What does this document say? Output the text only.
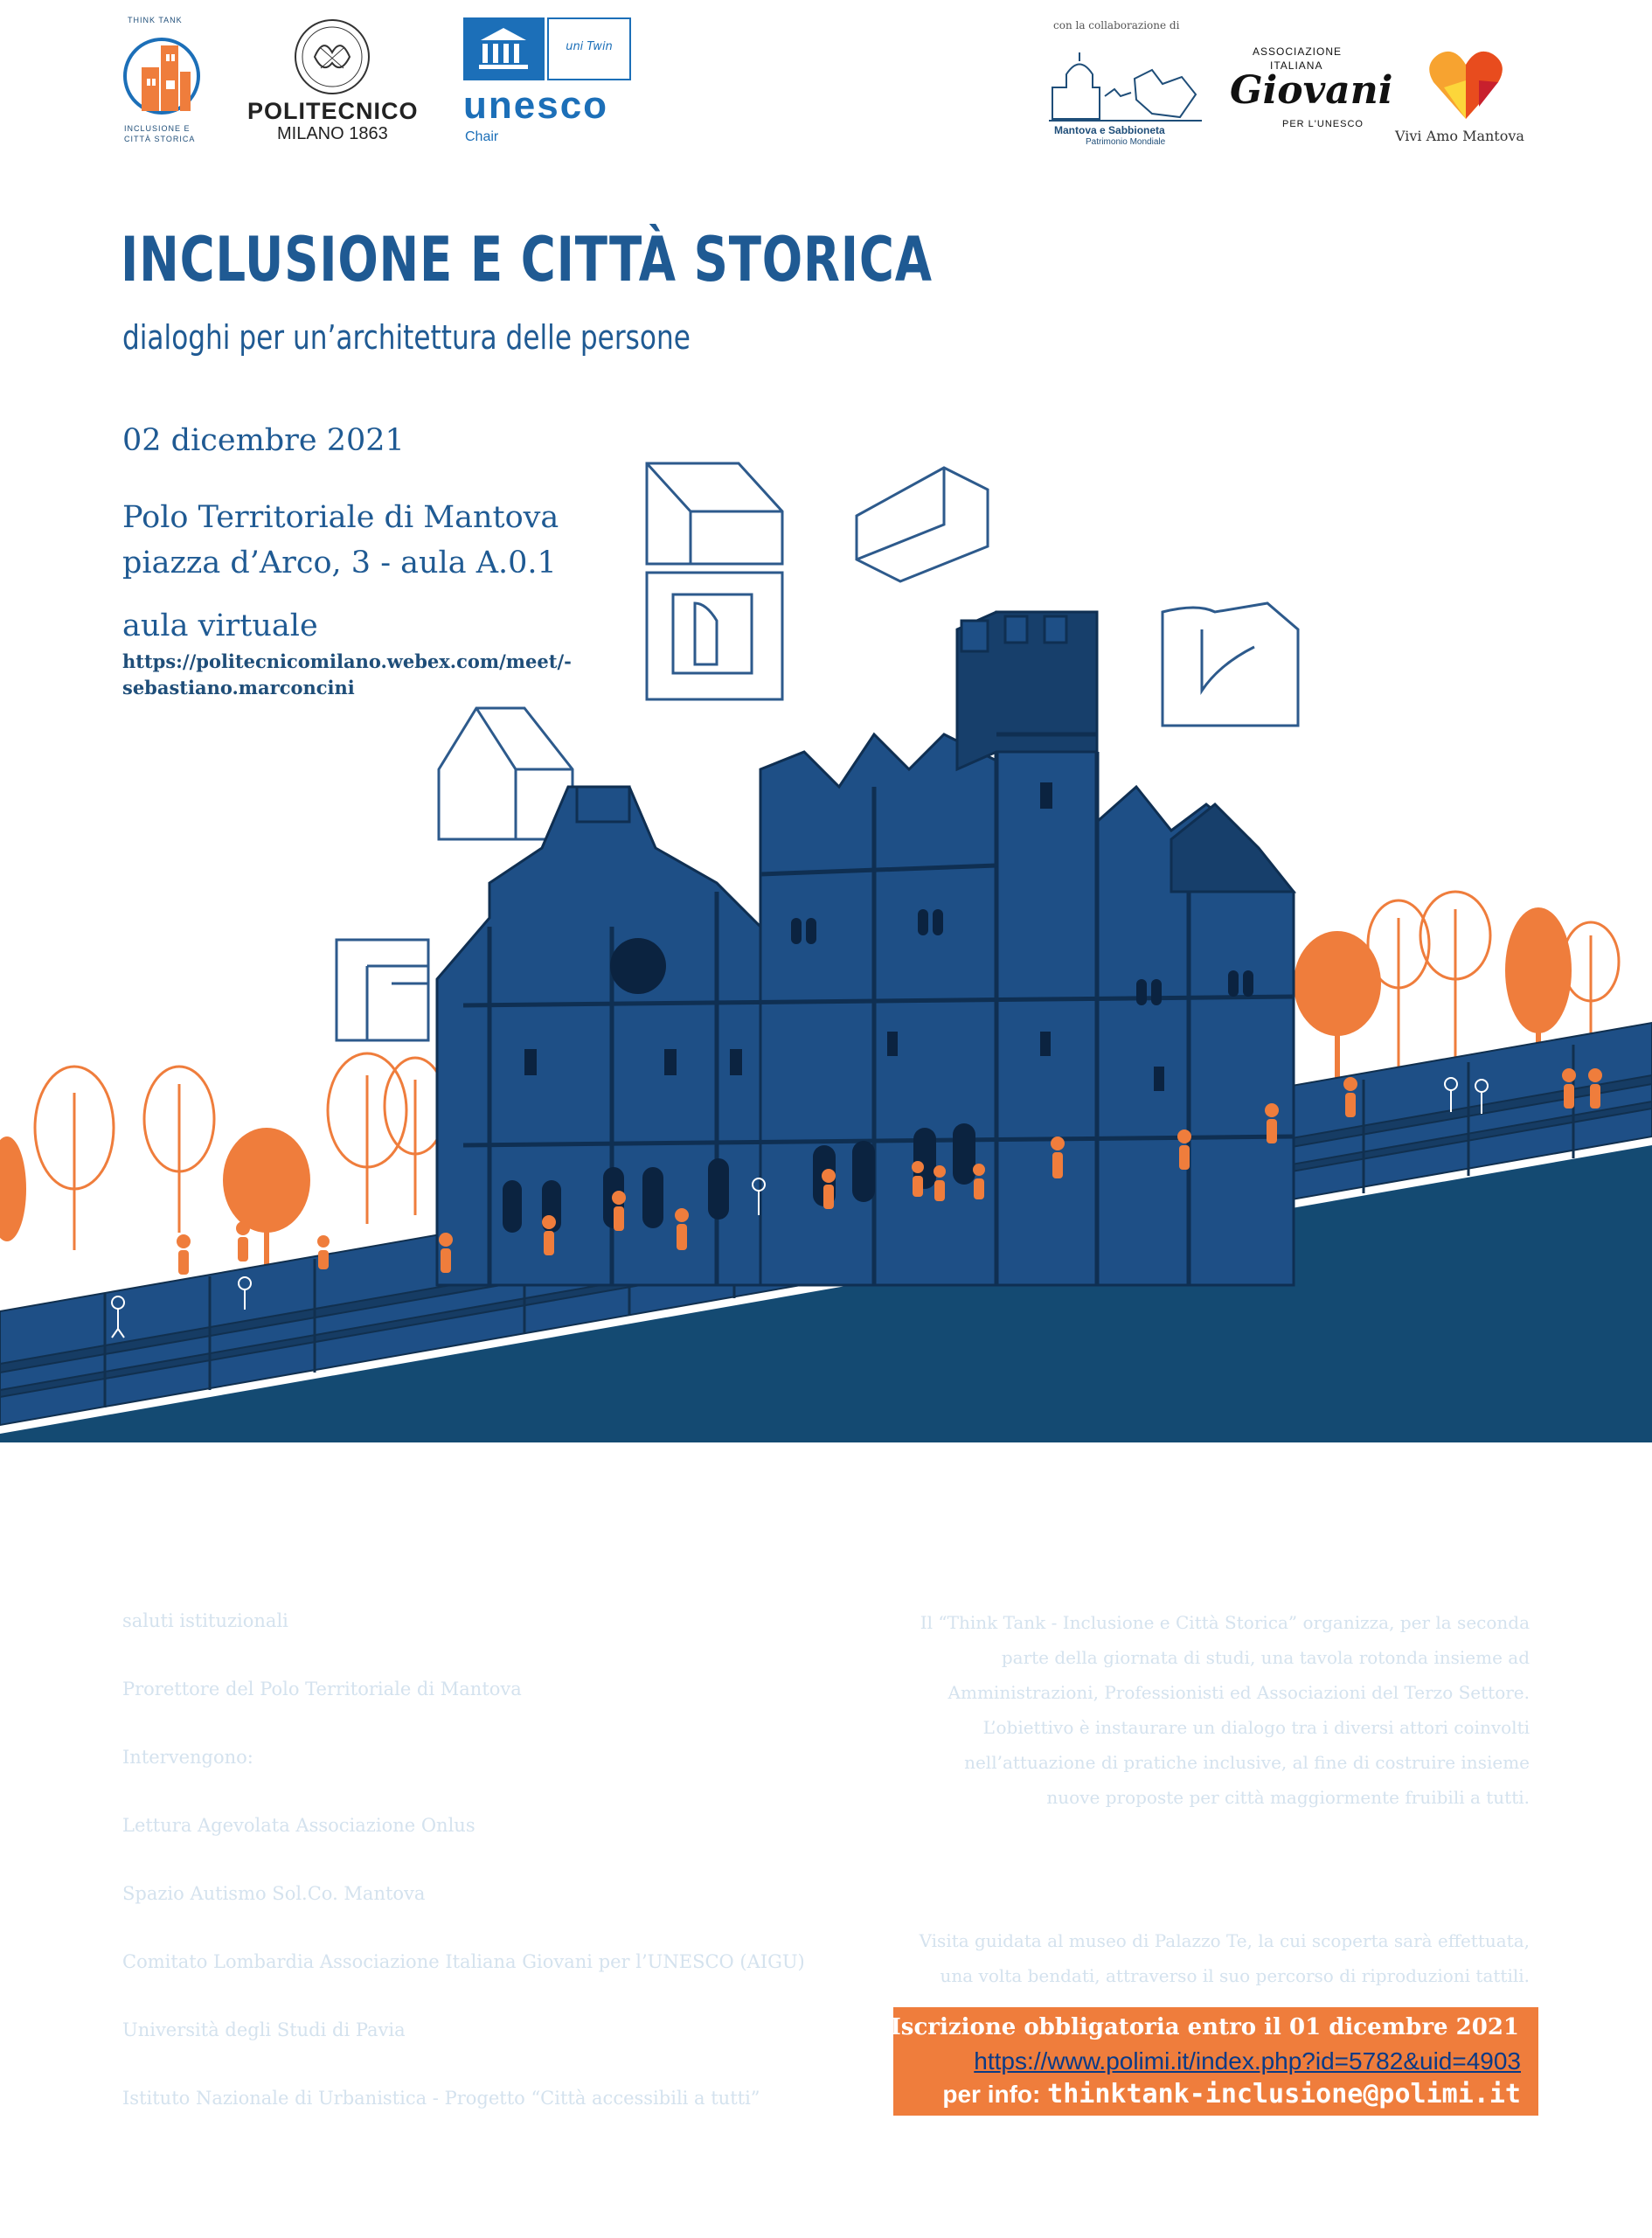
THINK TANK
INCLUSIONE E
CITTÀ STORICA
POLITECNICO
MILANO 1863
uni Twin
unesco
Chair
con la collaborazione di
Mantova e Sabbioneta
Patrimonio Mondiale
ASSOCIAZIONE
ITALIANA
Giovani
PER L'UNESCO
Vivi Amo Mantova
INCLUSIONE E CITTÀ STORICA
dialoghi per un’architettura delle persone
02 dicembre 2021
Polo Territoriale di Mantova
piazza d’Arco, 3 - aula A.0.1
aula virtuale
https://politecnicomilano.webex.com/meet/-
sebastiano.marconcini
MATTINA - dalle ore 9.30 alle ore 13.00
approcci progettuali inclusivi
per la città e il patrimonio culturale
saluti istituzionali
Prof. Federico Bucci
Prorettore del Polo Territoriale di Mantova
Intervengono:
Arch. Lucia Baracco
Lettura Agevolata Associazione Onlus
Laura Delfino
Spazio Autismo Sol.Co. Mantova
Giulio Del Giudice
Comitato Lombardia Associazione Italiana Giovani per l’UNESCO (AIGU)
Ing. Valentina Giacometti
Università degli Studi di Pavia
Arch. Iginio Rossi
Istituto Nazionale di Urbanistica - Progetto “Città accessibili a tutti”
POMERIGGIO - dalle ore 14.30 alle ore 16.00
inclusione e pratica progettuale:
normativa, strumenti e future prospettive
Il “Think Tank - Inclusione e Città Storica” organizza, per la seconda
parte della giornata di studi, una tavola rotonda insieme ad
Amministrazioni, Professionisti ed Associazioni del Terzo Settore.
L’obiettivo è instaurare un dialogo tra i diversi attori coinvolti
nell’attuazione di pratiche inclusive, al fine di costruire insieme
nuove proposte per città maggiormente fruibili a tutti.
EVENTO - sabato 04 dicembre ale ore 15.00
percorso sensoriale a Palazzo Te
Visita guidata al museo di Palazzo Te, la cui scoperta sarà effettuata,
una volta bendati, attraverso il suo percorso di riproduzioni tattili.
Iscrizione obbligatoria entro il 01 dicembre 2021
https://www.polimi.it/index.php?id=5782&uid=4903
per info: thinktank-inclusione@polimi.it
